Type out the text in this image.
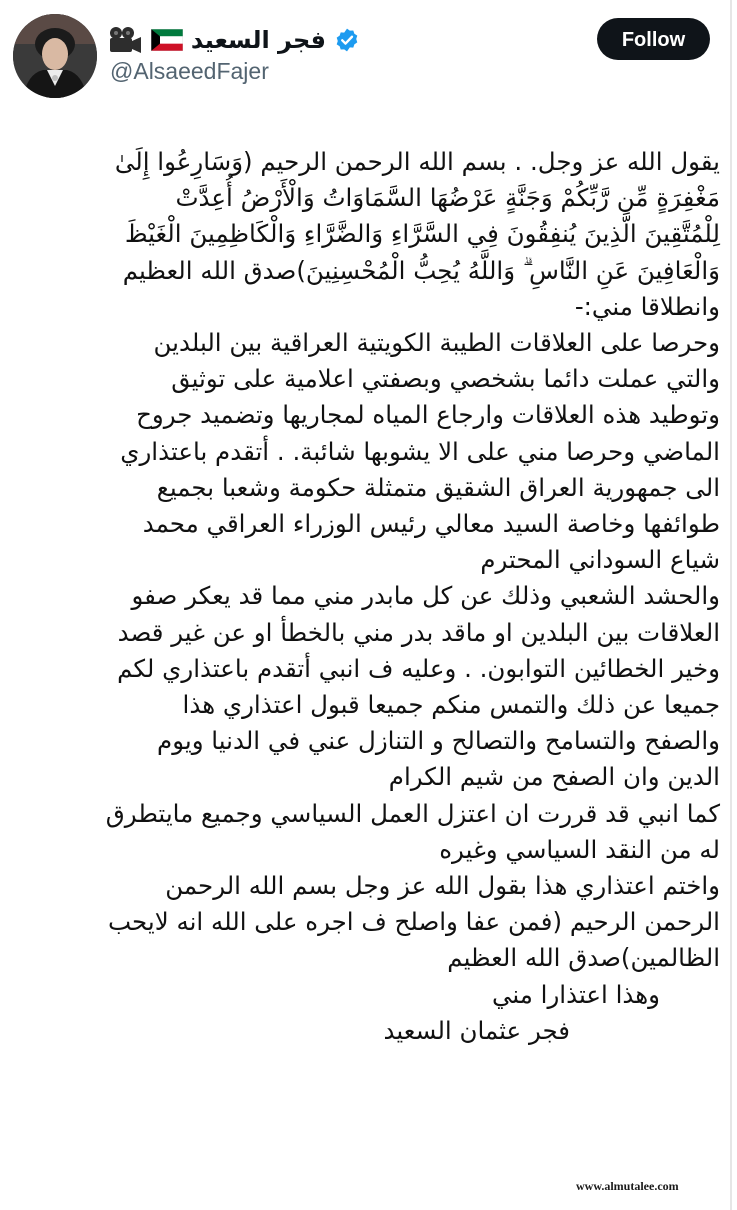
فجر السعيد
@AlsaeedFajer
Follow
يقول الله عز وجل. . بسم الله الرحمن الرحيم (وَسَارِعُوا إِلَىٰ
مَغْفِرَةٍ مِّن رَّبِّكُمْ وَجَنَّةٍ عَرْضُهَا السَّمَاوَاتُ وَالْأَرْضُ أُعِدَّتْ
لِلْمُتَّقِينَ الَّذِينَ يُنفِقُونَ فِي السَّرَّاءِ وَالضَّرَّاءِ وَالْكَاظِمِينَ الْغَيْظَ
وَالْعَافِينَ عَنِ النَّاسِ ۗ وَاللَّهُ يُحِبُّ الْمُحْسِنِينَ)صدق الله العظيم
وانطلاقا مني:-
وحرصا على العلاقات الطيبة الكويتية العراقية بين البلدين
والتي عملت دائما بشخصي وبصفتي اعلامية على توثيق
وتوطيد هذه العلاقات وارجاع المياه لمجاريها وتضميد جروح
الماضي وحرصا مني على الا يشوبها شائبة. . أتقدم باعتذاري
الى جمهورية العراق الشقيق متمثلة حكومة وشعبا بجميع
طوائفها وخاصة السيد معالي رئيس الوزراء العراقي محمد
شياع السوداني المحترم
والحشد الشعبي وذلك عن كل مابدر مني مما قد يعكر صفو
العلاقات بين البلدين او ماقد بدر مني بالخطأ او عن غير قصد
وخير الخطائين التوابون. . وعليه ف انبي أتقدم باعتذاري لكم
جميعا عن ذلك والتمس منكم جميعا قبول اعتذاري هذا
والصفح والتسامح والتصالح و التنازل عني في الدنيا ويوم
الدين وان الصفح من شيم الكرام
كما انبي قد قررت ان اعتزل العمل السياسي وجميع مايتطرق
له من النقد السياسي وغيره
واختم اعتذاري هذا بقول الله عز وجل بسم الله الرحمن
الرحمن الرحيم (فمن عفا واصلح ف اجره على الله انه لايحب
الظالمين)صدق الله العظيم
وهذا اعتذارا مني
فجر عثمان السعيد
www.almutalee.com
